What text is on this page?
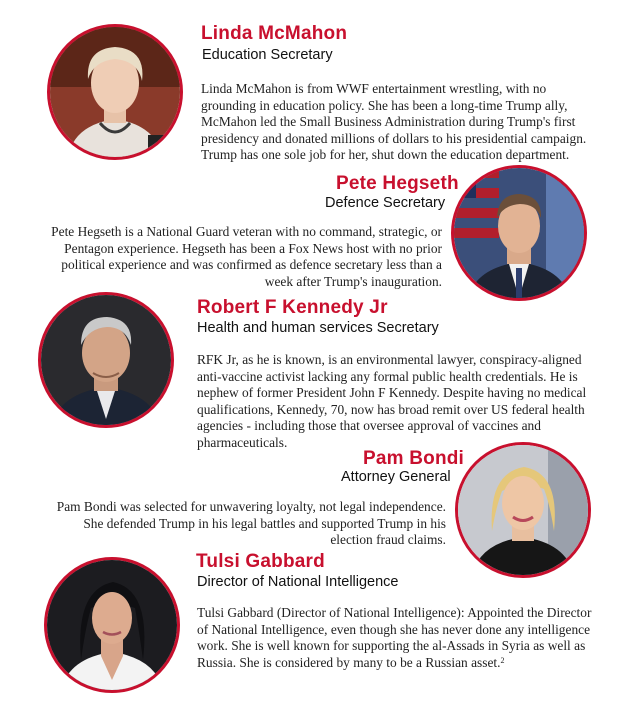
Linda McMahon
Education Secretary

Linda McMahon is from WWF entertainment wrestling, with no grounding in education policy. She has been a long-time Trump ally, McMahon led the Small Business Administration during Trump's first presidency and donated millions of dollars to his presidential campaign. Trump has one sole job for her, shut down the education department.

Pete Hegseth
Defence Secretary

Pete Hegseth is a National Guard veteran with no command, strategic, or Pentagon experience. Hegseth has been a Fox News host with no prior political experience and was confirmed as defence secretary less than a week after Trump's inauguration.

Robert F Kennedy Jr
Health and human services Secretary

RFK Jr, as he is known, is an environmental lawyer, conspiracy-aligned anti-vaccine activist lacking any formal public health credentials. He is nephew of former President John F Kennedy. Despite having no medical qualifications, Kennedy, 70, now has broad remit over US federal health agencies - including those that oversee approval of vaccines and pharmaceuticals.

Pam Bondi
Attorney General

Pam Bondi was selected for unwavering loyalty, not legal independence. She defended Trump in his legal battles and supported Trump in his election fraud claims.

Tulsi Gabbard
Director of National Intelligence

Tulsi Gabbard (Director of National Intelligence): Appointed the Director of National Intelligence, even though she has never done any intelligence work. She is well known for supporting the al-Assads in Syria as well as Russia. She is considered by many to be a Russian asset.$^2$
